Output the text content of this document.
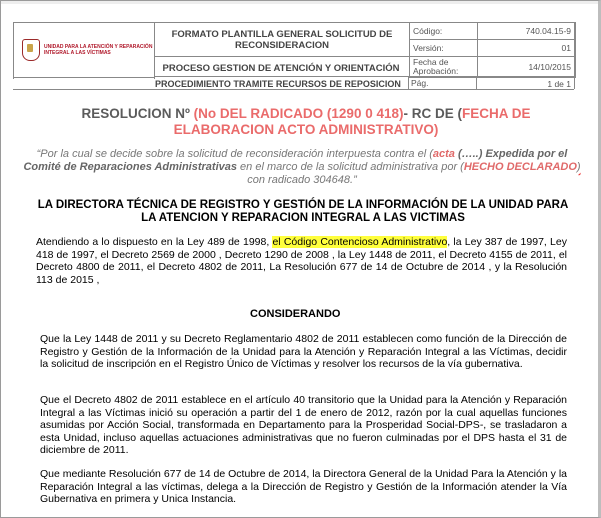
UNIDAD PARA LA ATENCIÓN Y REPARACIÓN INTEGRAL A LAS VÍCTIMAS	FORMATO PLANTILLA GENERAL SOLICITUD DE RECONSIDERACION	Código:	740.04.15-9
		Versión:	01
		Fecha de Aprobación:	14/10/2015

PROCESO GESTION DE ATENCIÓN Y ORIENTACIÓN
PROCEDIMIENTO TRAMITE RECURSOS DE REPOSICION	Pág.	1 de 1
RESOLUCION Nº (No DEL RADICADO (1290 0 418)- RC DE (FECHA DE ELABORACION ACTO ADMINISTRATIVO)
“Por la cual se decide sobre la solicitud de reconsideración interpuesta contra el (acta (…..) Expedida por el
Comité de Reparaciones Administrativas en el marco de la solicitud administrativa por (HECHO DECLARADO)
con radicado 304648.”
LA DIRECTORA TÉCNICA DE REGISTRO Y GESTIÓN DE LA INFORMACIÓN DE LA UNIDAD PARA LA ATENCION Y REPARACION INTEGRAL A LAS VICTIMAS
Atendiendo a lo dispuesto en la Ley 489 de 1998, el Código Contencioso Administrativo, la Ley 387 de 1997, Ley 418 de 1997, el Decreto 2569 de 2000 , Decreto 1290 de 2008 , la Ley 1448 de 2011, el Decreto 4155 de 2011, el Decreto 4800 de 2011, el Decreto 4802 de 2011, La Resolución 677 de 14 de Octubre de 2014 , y la Resolución 113 de 2015 ,
CONSIDERANDO
Que la Ley 1448 de 2011 y su Decreto Reglamentario 4802 de 2011 establecen como función de la Dirección de Registro y Gestión de la Información de la Unidad para la Atención y Reparación Integral a las Víctimas, decidir la solicitud de inscripción en el Registro Único de Víctimas y resolver los recursos de la vía gubernativa.
Que el Decreto 4802 de 2011 establece en el artículo 40 transitorio que la Unidad para la Atención y Reparación Integral a las Víctimas inició su operación a partir del 1 de enero de 2012, razón por la cual aquellas funciones asumidas por Acción Social, transformada en Departamento para la Prosperidad Social-DPS-, se trasladaron a esta Unidad, incluso aquellas actuaciones administrativas que no fueron culminadas por el DPS hasta el 31 de diciembre de 2011.
Que mediante Resolución 677 de 14 de Octubre de 2014, la Directora General de la Unidad Para la Atención y la Reparación Integral a las víctimas, delega a la Dirección de Registro y Gestión de la Información atender la Vía Gubernativa en primera y Unica Instancia.
